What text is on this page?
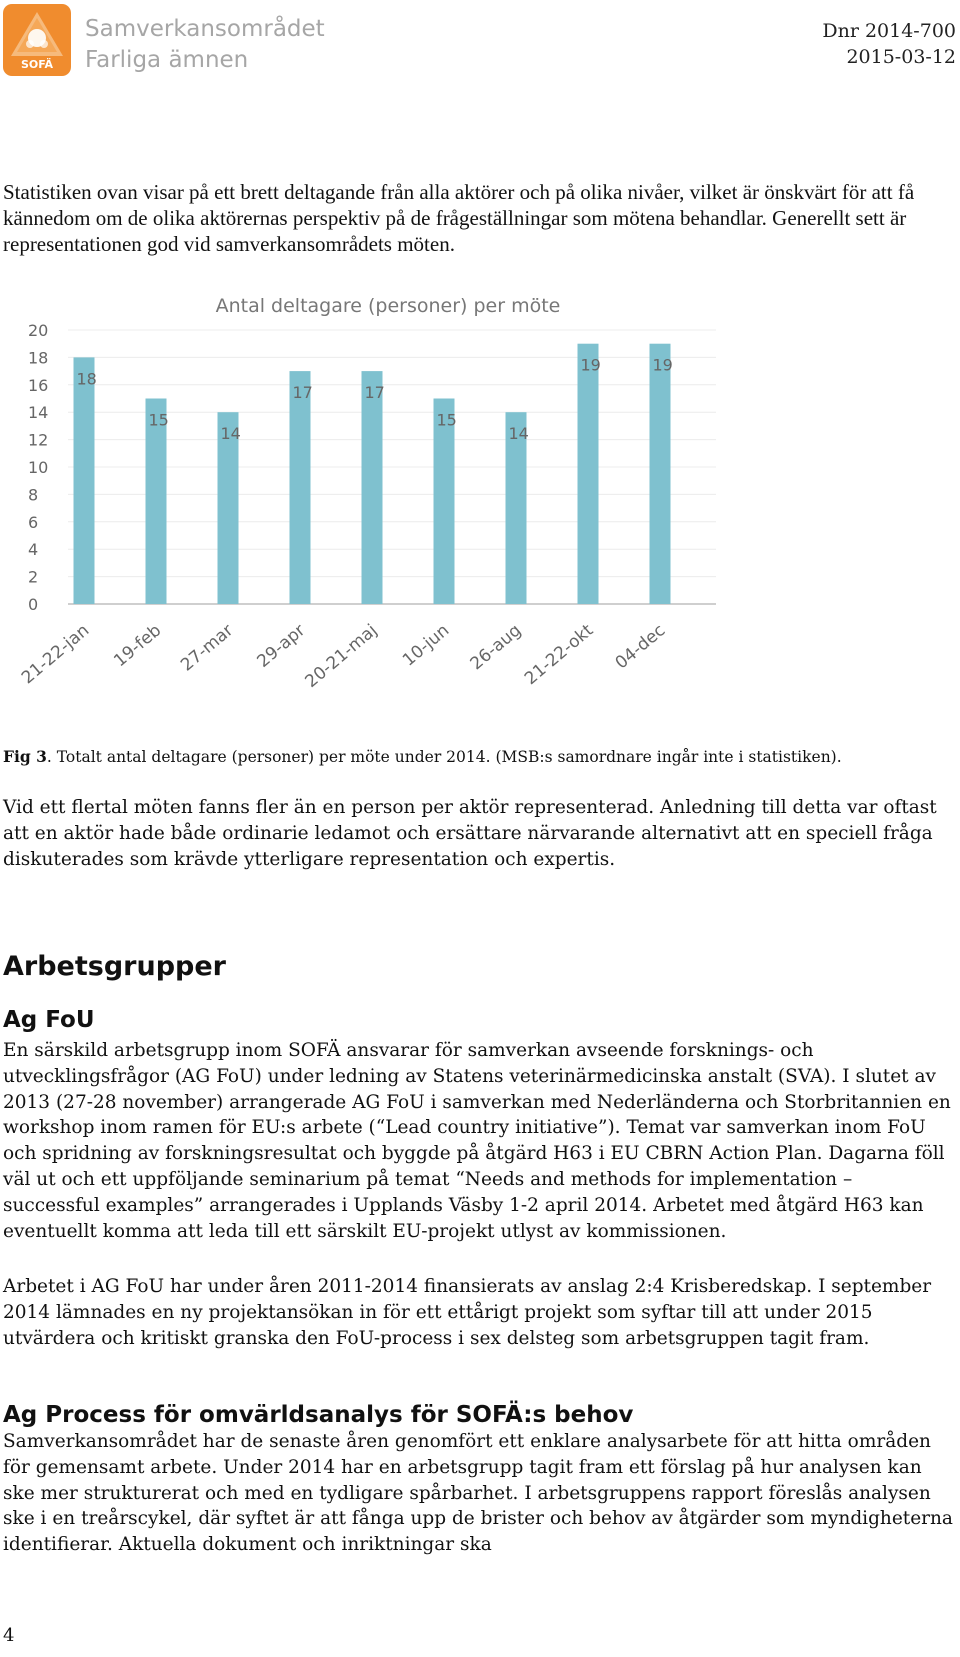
SOFÄ
Samverkansområdet
Farliga ämnen
Dnr 2014-700
2015-03-12

Statistiken ovan visar på ett brett deltagande från alla aktörer och på olika nivåer, vilket är önskvärt för att få kännedom om de olika aktörernas perspektiv på de frågeställningar som mötena behandlar. Generellt sett är representationen god vid samverkansområdets möten.

Antal deltagare (personer) per möte
0
2
4
6
8
10
12
14
16
18
20
18
21-22-jan
15
19-feb
14
27-mar
17
29-apr
17
20-21-maj
15
10-jun
14
26-aug
19
21-22-okt
19
04-dec
Fig 3. Totalt antal deltagare (personer) per möte under 2014. (MSB:s samordnare ingår inte i statistiken).

Vid ett flertal möten fanns fler än en person per aktör representerad. Anledning till detta var oftast att en aktör hade både ordinarie ledamot och ersättare närvarande alternativt att en speciell fråga diskuterades som krävde ytterligare representation och expertis.

Arbetsgrupper
Ag FoU

En särskild arbetsgrupp inom SOFÄ ansvarar för samverkan avseende forsknings- och utvecklingsfrågor (AG FoU) under ledning av Statens veterinärmedicinska anstalt (SVA). I slutet av 2013 (27-28 november) arrangerade AG FoU i samverkan med Nederländerna och Storbritannien en workshop inom ramen för EU:s arbete (“Lead country initiative”). Temat var samverkan inom FoU och spridning av forskningsresultat och byggde på åtgärd H63 i EU CBRN Action Plan. Dagarna föll väl ut och ett uppföljande seminarium på temat “Needs and methods for implementation – successful examples” arrangerades i Upplands Väsby 1-2 april 2014. Arbetet med åtgärd H63 kan eventuellt komma att leda till ett särskilt EU-projekt utlyst av kommissionen.

Arbetet i AG FoU har under åren 2011-2014 finansierats av anslag 2:4 Krisberedskap. I september 2014 lämnades en ny projektansökan in för ett ettårigt projekt som syftar till att under 2015 utvärdera och kritiskt granska den FoU-process i sex delsteg som arbetsgruppen tagit fram.

Ag Process för omvärldsanalys för SOFÄ:s behov

Samverkansområdet har de senaste åren genomfört ett enklare analysarbete för att hitta områden för gemensamt arbete. Under 2014 har en arbetsgrupp tagit fram ett förslag på hur analysen kan ske mer strukturerat och med en tydligare spårbarhet. I arbetsgruppens rapport föreslås analysen ske i en treårscykel, där syftet är att fånga upp de brister och behov av åtgärder som myndigheterna identifierar. Aktuella dokument och inriktningar ska

4
